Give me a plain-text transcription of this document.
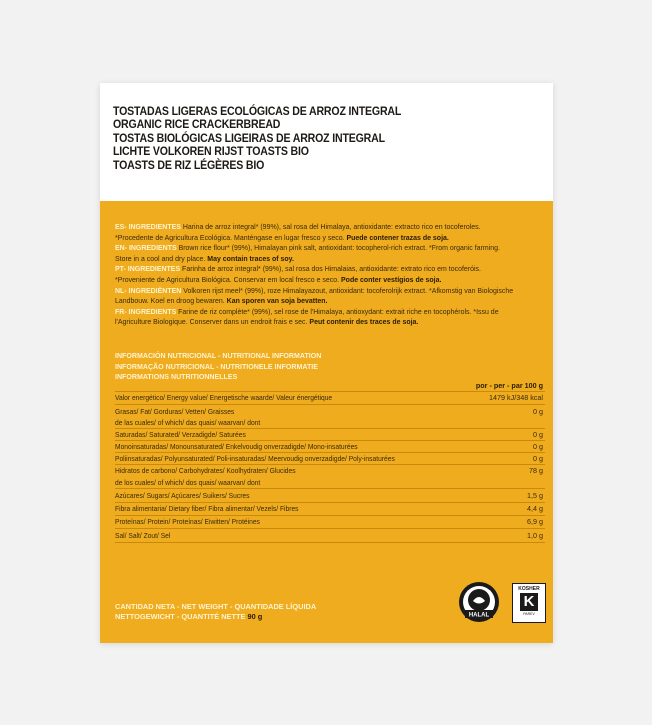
TOSTADAS LIGERAS ECOLÓGICAS DE ARROZ INTEGRAL
ORGANIC RICE CRACKERBREAD
TOSTAS BIOLÓGICAS LIGEIRAS DE ARROZ INTEGRAL
LICHTE VOLKOREN RIJST TOASTS BIO
TOASTS DE RIZ LÉGÈRES BIO
ES- INGREDIENTES Harina de arroz integral* (99%), sal rosa del Himalaya, antioxidante: extracto rico en tocoferoles.
*Procedente de Agricultura Ecológica. Manténgase en lugar fresco y seco. Puede contener trazas de soja.
EN- INGREDIENTS Brown rice flour* (99%), Himalayan pink salt, antioxidant: tocopherol-rich extract. *From organic farming.
Store in a cool and dry place. May contain traces of soy.
PT- INGREDIENTES Farinha de arroz integral* (99%), sal rosa dos Himalaias, antioxidante: extrato rico em tocoferóis.
*Proveniente de Agricultura Biológica. Conservar em local fresco e seco. Pode conter vestígios de soja.
NL- INGREDIËNTEN Volkoren rijst meel* (99%), roze Himalayazout, antioxidant: tocoferolrijk extract. *Afkomstig van Biologische
Landbouw. Koel en droog bewaren. Kan sporen van soja bevatten.
FR- INGREDIENTS Farine de riz complète* (99%), sel rose de l'Himalaya, antioxydant: extrait riche en tocophérols. *Issu de
l'Agriculture Biologique. Conserver dans un endroit frais e sec. Peut contenir des traces de soja.
INFORMACIÓN NUTRICIONAL - NUTRITIONAL INFORMATION
INFORMAÇÃO NUTRICIONAL - NUTRITIONELE INFORMATIE
INFORMATIONS NUTRITIONNELLES
por - per - par 100 g
Valor energético/ Energy value/ Energetische waarde/ Valeur énergétique	1479 kJ/348 kcal
Grasas/ Fat/ Gorduras/ Vetten/ Graisses	0 g
de las cuales/ of which/ das quais/ waarvan/ dont
Saturadas/ Saturated/ Verzadigde/ Saturées	0 g
Monoinsaturadas/ Monounsaturated/ Enkelvoudig onverzadigde/ Mono-insaturées	0 g
Poliinsaturadas/ Polyunsaturated/ Poli-insaturadas/ Meervoudig onverzadigde/ Poly-insaturées	0 g
Hidratos de carbono/ Carbohydrates/ Koolhydraten/ Glucides	78 g
de los cuales/ of which/ dos quais/ waarvan/ dont
Azúcares/ Sugars/ Açúcares/ Suikers/ Sucres	1,5 g
Fibra alimentaria/ Dietary fiber/ Fibra alimentar/ Vezels/ Fibres	4,4 g
Proteínas/ Protein/ Proteínas/ Eiwitten/ Protéines	6,9 g
Sal/ Salt/ Zout/ Sel	1,0 g
CANTIDAD NETA - NET WEIGHT - QUANTIDADE LÍQUIDA
NETTOGEWICHT - QUANTITÉ NETTE 90 g	HALAL
KOSHER
K
PAREV
